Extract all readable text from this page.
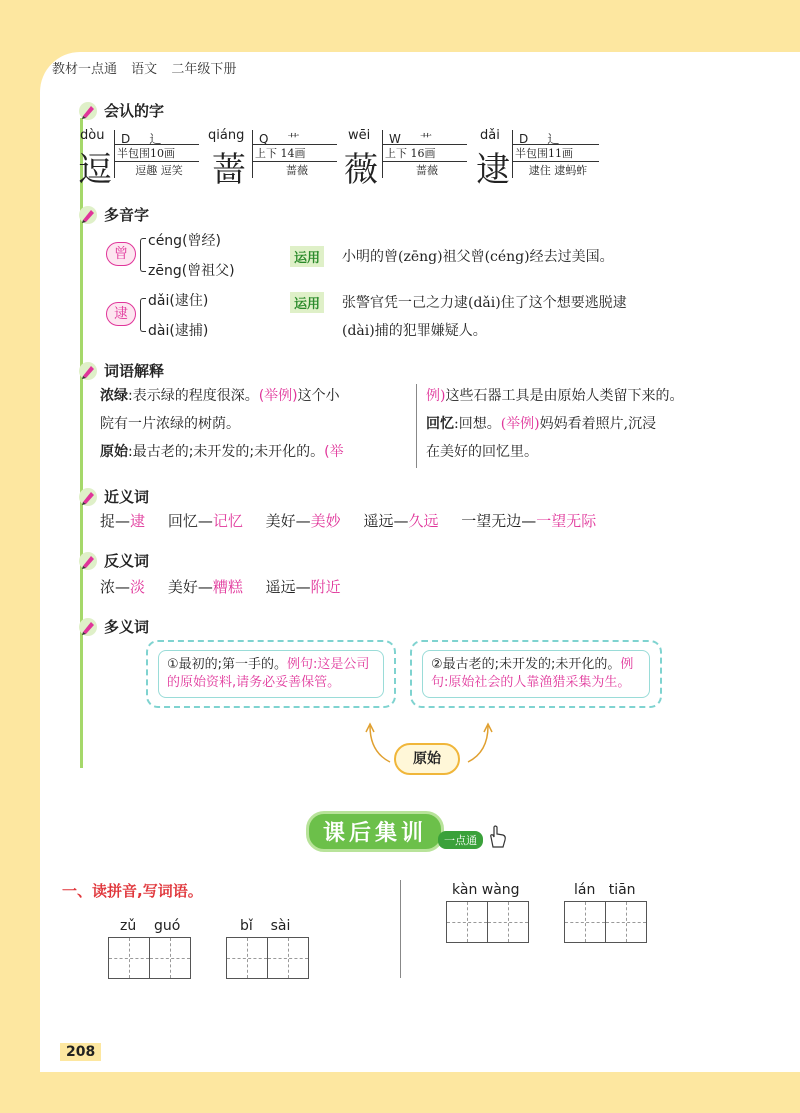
教材一点通 语文 二年级下册
会认的字
dòu
逗
D 辶
半包围10画
逗趣 逗笑
qiáng
蔷
Q 艹
上下 14画
蔷薇
wēi
薇
W 艹
上下 16画
蔷薇
dǎi
逮
D 辶
半包围11画
逮住 逮蚂蚱
多音字
曾
céng(曾经)
zēng(曾祖父)
运用 小明的曾(zēng)祖父曾(céng)经去过美国。
逮
dǎi(逮住)
dài(逮捕)
运用 张警官凭一己之力逮(dǎi)住了这个想要逃脱逮
(dài)捕的犯罪嫌疑人。
词语解释
浓绿:表示绿的程度很深。(举例)这个小
院有一片浓绿的树荫。
原始:最古老的;未开发的;未开化的。(举
例)这些石器工具是由原始人类留下来的。
回忆:回想。(举例)妈妈看着照片,沉浸
在美好的回忆里。
近义词
捉—逮 回忆—记忆 美好—美妙 遥远—久远 一望无边—一望无际
反义词
浓—淡 美好—糟糕 遥远—附近
多义词
①最初的;第一手的。例句:这是公司的原始资料,请务必妥善保管。
②最古老的;未开发的;未开化的。例句:原始社会的人靠渔猎采集为生。
原始
课后集训	一点通
一、读拼音,写词语。
zǔ guó	bǐ sài
kàn wàng	lán tiān
208
